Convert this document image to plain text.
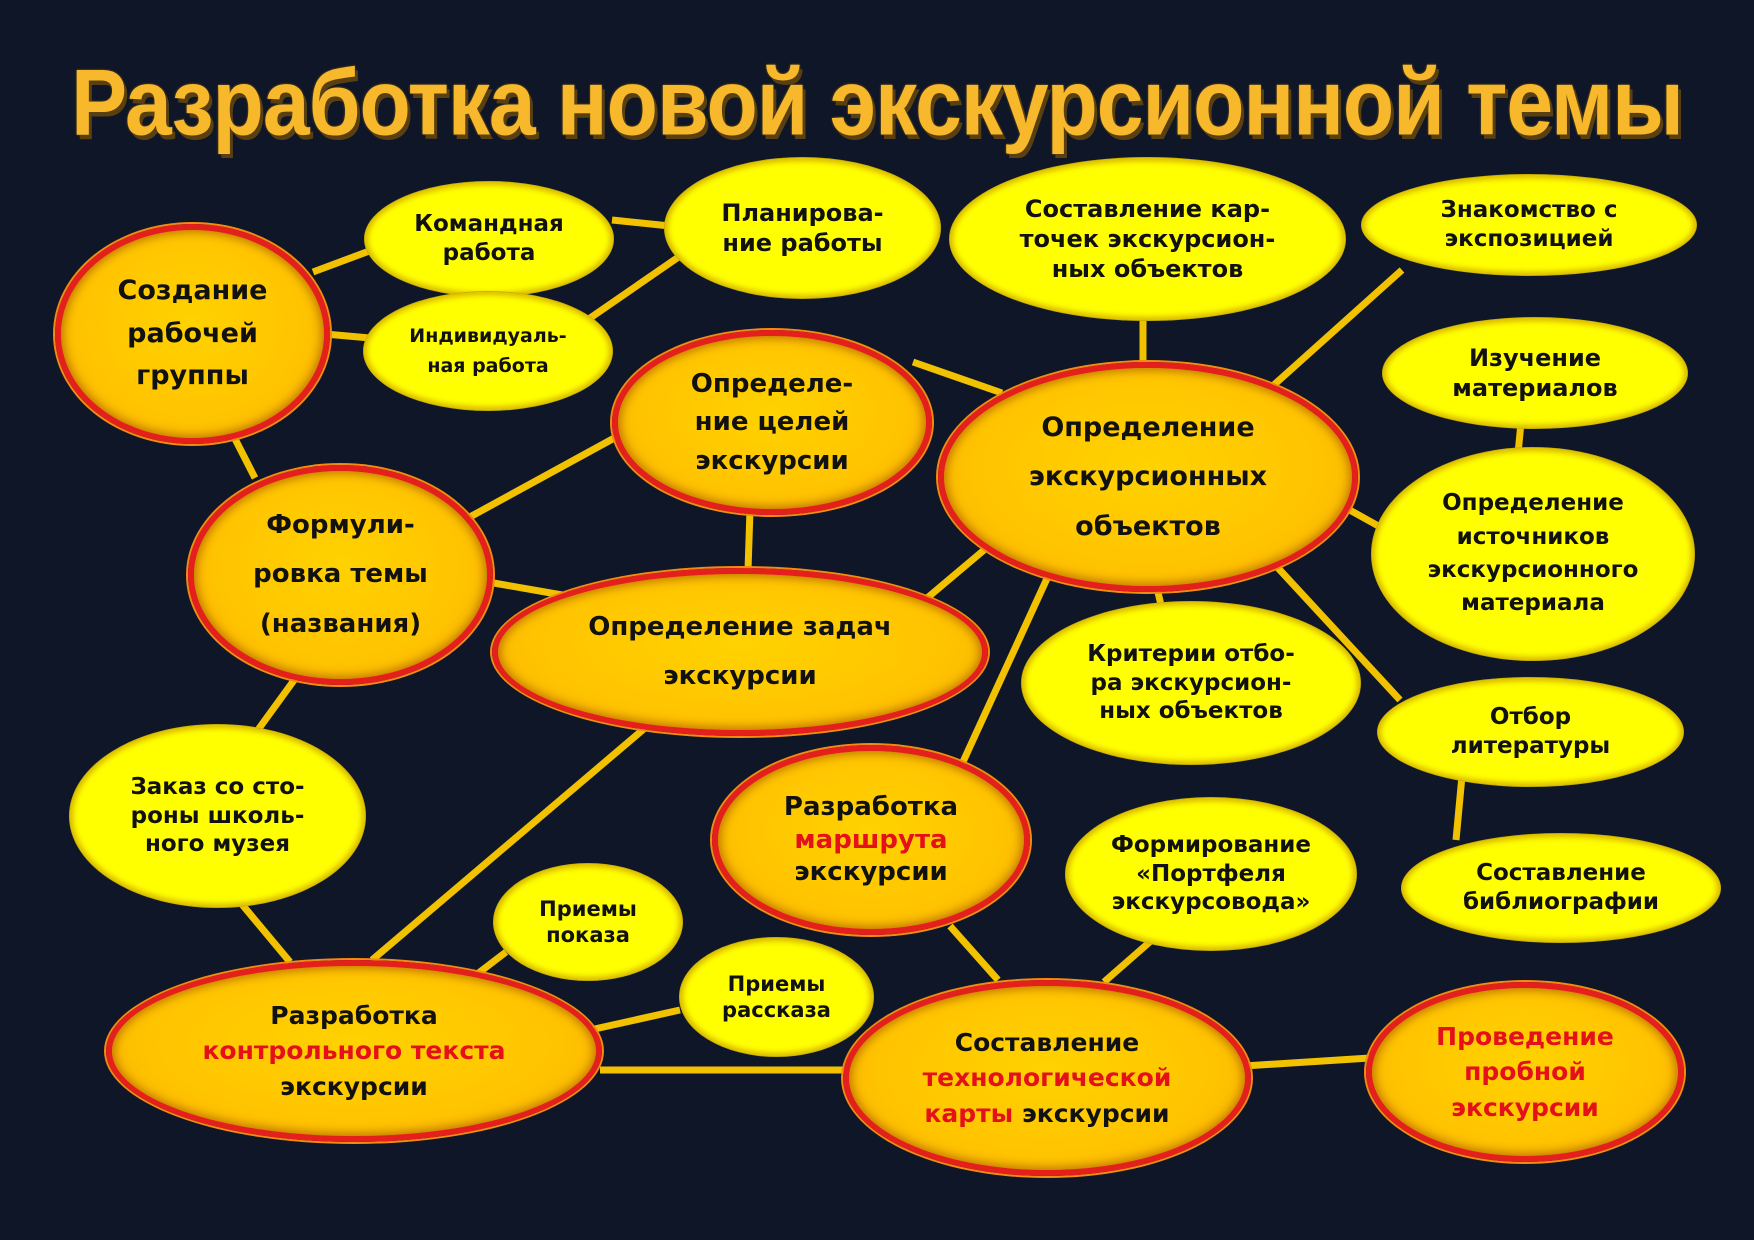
Разработка новой экскурсионной темы
Командная
работа
Планирова-
ние работы
Составление кар-
точек экскурсион-
ных объектов
Знакомство с
экспозицией
Создание
рабочей
группы
Индивидуаль-
ная работа
Определе-
ние целей
экскурсии
Изучение
материалов
Определение
экскурсионных
объектов
Формули-
ровка темы
(названия)	Определение задач
экскурсии
Определение
источников
экскурсионного
материала
Критерии отбо-
ра экскурсион-
ных объектов	Отбор
литературы
Заказ со сто-
роны школь-
ного музея
Разработка
маршрута
экскурсии
Формирование
«Портфеля
экскурсовода»
Составление
библиографии
Приемы
показа
Приемы
рассказа
Разработка
контрольного текста
экскурсии
Составление
технологической
карты экскурсии
Проведение
пробной
экскурсии
